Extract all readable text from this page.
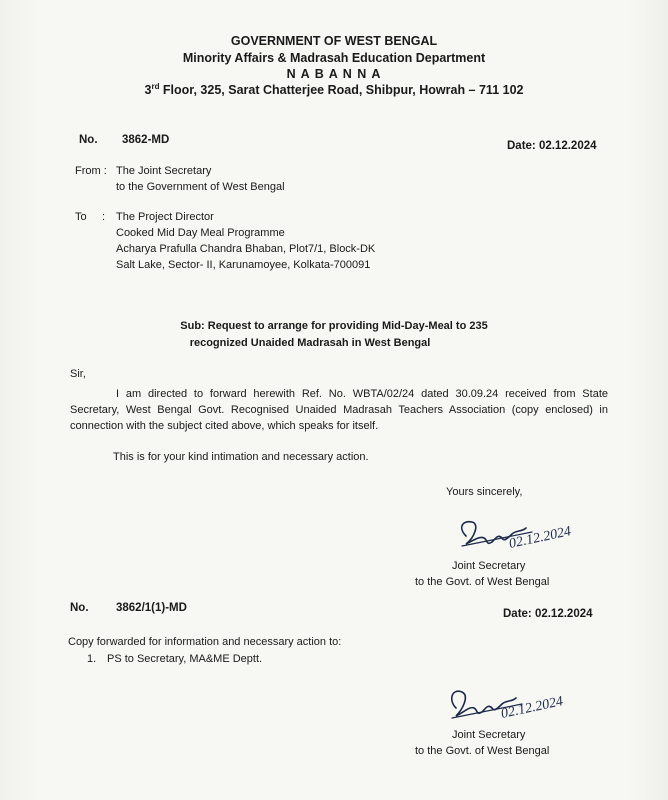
GOVERNMENT OF WEST BENGAL
Minority Affairs & Madrasah Education Department
N A B A N N A
3rd Floor, 325, Sarat Chatterjee Road, Shibpur, Howrah – 711 102
No. 3862-MD	Date: 02.12.2024
From : The Joint Secretary
to the Government of West Bengal
To : The Project Director
Cooked Mid Day Meal Programme
Acharya Prafulla Chandra Bhaban, Plot7/1, Block-DK
Salt Lake, Sector- II, Karunamoyee, Kolkata-700091
Sub: Request to arrange for providing Mid-Day-Meal to 235
recognized Unaided Madrasah in West Bengal
Sir,
I am directed to forward herewith Ref. No. WBTA/02/24 dated 30.09.24 received from State Secretary, West Bengal Govt. Recognised Unaided Madrasah Teachers Association (copy enclosed) in connection with the subject cited above, which speaks for itself.
This is for your kind intimation and necessary action.
Yours sincerely,
02.12.2024
Joint Secretary
to the Govt. of West Bengal
No. 3862/1(1)-MD	Date: 02.12.2024
Copy forwarded for information and necessary action to:
1. PS to Secretary, MA&ME Deptt.
02.12.2024
Joint Secretary
to the Govt. of West Bengal
